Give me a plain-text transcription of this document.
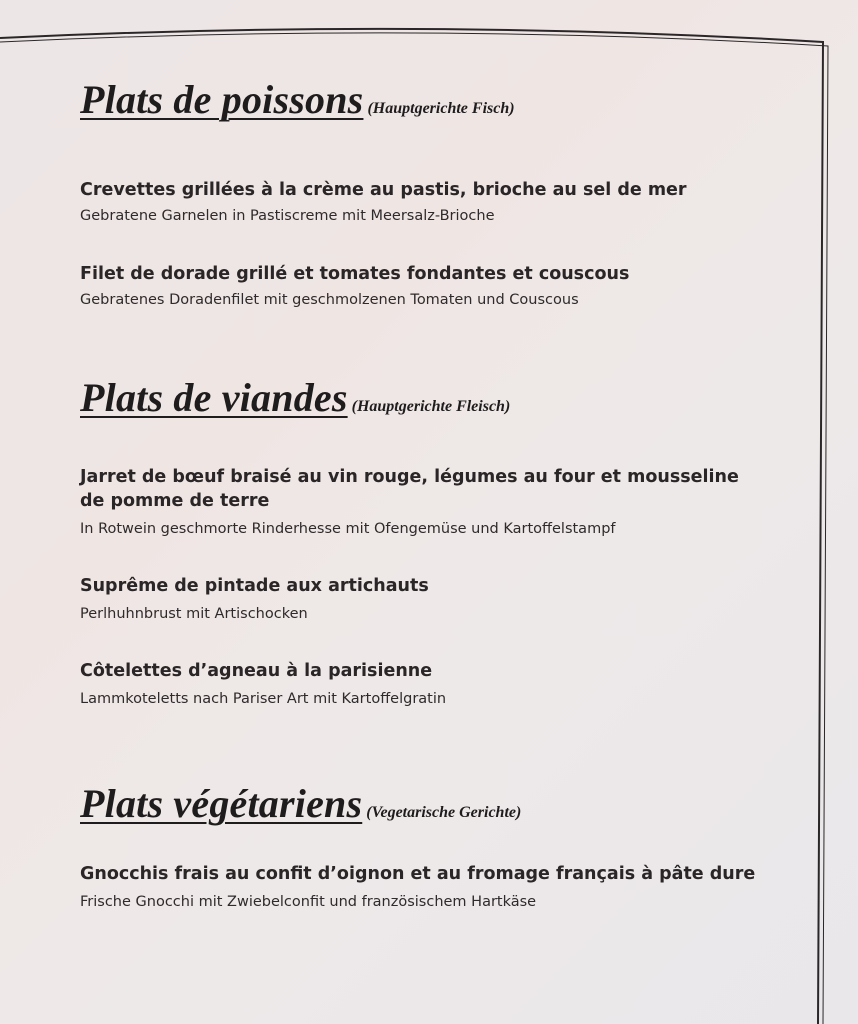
Plats de poissons (Hauptgerichte Fisch)
Crevettes grillées à la crème au pastis, brioche au sel de mer
Gebratene Garnelen in Pastiscreme mit Meersalz-Brioche
Filet de dorade grillé et tomates fondantes et couscous
Gebratenes Doradenfilet mit geschmolzenen Tomaten und Couscous
Plats de viandes (Hauptgerichte Fleisch)
Jarret de bœuf braisé au vin rouge, légumes au four et mousseline de pomme de terre
In Rotwein geschmorte Rinderhesse mit Ofengemüse und Kartoffelstampf
Suprême de pintade aux artichauts
Perlhuhnbrust mit Artischocken
Côtelettes d’agneau à la parisienne
Lammkoteletts nach Pariser Art mit Kartoffelgratin
Plats végétariens (Vegetarische Gerichte)
Gnocchis frais au confit d’oignon et au fromage français à pâte dure
Frische Gnocchi mit Zwiebelconfit und französischem Hartkäse
